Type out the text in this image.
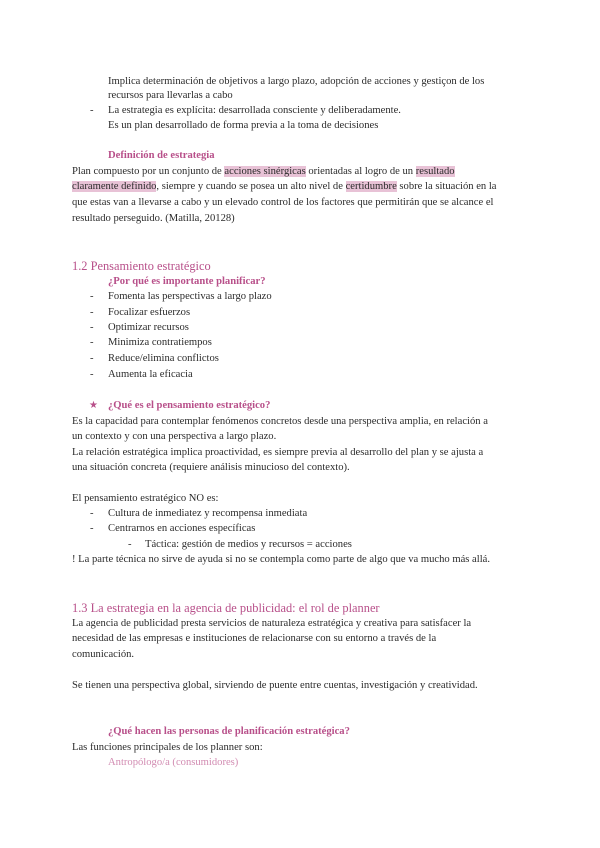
Implica determinación de objetivos a largo plazo, adopción de acciones y gestiçon de los
recursos para llevarlas a cabo
- La estrategia es explícita: desarrollada consciente y deliberadamente.
Es un plan desarrollado de forma previa a la toma de decisiones
Definición de estrategia
Plan compuesto por un conjunto de acciones sinérgicas orientadas al logro de un resultado
claramente definido, siempre y cuando se posea un alto nivel de certidumbre sobre la situación en la
que estas van a llevarse a cabo y un elevado control de los factores que permitirán que se alcance el
resultado perseguido. (Matilla, 20128)
1.2 Pensamiento estratégico
¿Por qué es importante planificar?
- Fomenta las perspectivas a largo plazo
- Focalizar esfuerzos
- Optimizar recursos
- Minimiza contratiempos
- Reduce/elimina conflictos
- Aumenta la eficacia
★ ¿Qué es el pensamiento estratégico?
Es la capacidad para contemplar fenómenos concretos desde una perspectiva amplia, en relación a
un contexto y con una perspectiva a largo plazo.
La relación estratégica implica proactividad, es siempre previa al desarrollo del plan y se ajusta a
una situación concreta (requiere análisis minucioso del contexto).
El pensamiento estratégico NO es:
- Cultura de inmediatez y recompensa inmediata
- Centrarnos en acciones específicas
- Táctica: gestión de medios y recursos = acciones
! La parte técnica no sirve de ayuda si no se contempla como parte de algo que va mucho más allá.
1.3 La estrategia en la agencia de publicidad: el rol de planner
La agencia de publicidad presta servicios de naturaleza estratégica y creativa para satisfacer la
necesidad de las empresas e instituciones de relacionarse con su entorno a través de la
comunicación.
Se tienen una perspectiva global, sirviendo de puente entre cuentas, investigación y creatividad.
¿Qué hacen las personas de planificación estratégica?
Las funciones principales de los planner son:
Antropólogo/a (consumidores)
